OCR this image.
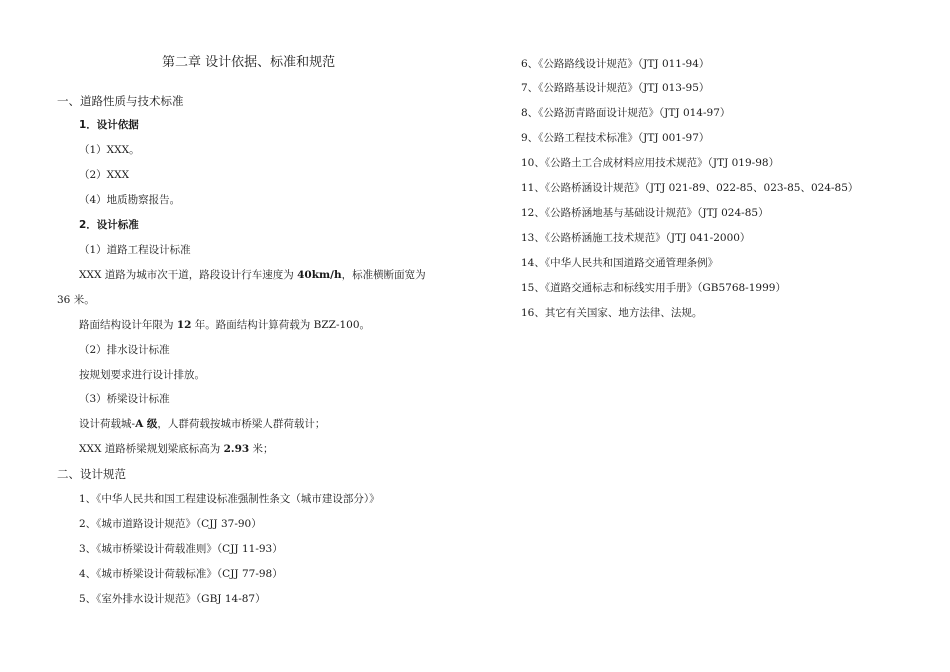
第二章 设计依据、标准和规范
一、道路性质与技术标准
1．设计依据
（1）XXX。
（2）XXX
（4）地质勘察报告。
2．设计标准
（1）道路工程设计标准
XXX 道路为城市次干道，路段设计行车速度为 40km/h，标准横断面宽为
36 米。
路面结构设计年限为 12 年。路面结构计算荷载为 BZZ-100。
（2）排水设计标准
按规划要求进行设计排放。
（3）桥梁设计标准
设计荷载城-A 级，人群荷载按城市桥梁人群荷载计；
XXX 道路桥梁规划梁底标高为 2.93 米；
二、设计规范
1、《中华人民共和国工程建设标准强制性条文（城市建设部分）》
2、《城市道路设计规范》（CJJ 37-90）
3、《城市桥梁设计荷载准则》（CJJ 11-93）
4、《城市桥梁设计荷载标准》（CJJ 77-98）
5、《室外排水设计规范》（GBJ 14-87）
6、《公路路线设计规范》（JTJ 011-94）
7、《公路路基设计规范》（JTJ 013-95）
8、《公路沥青路面设计规范》（JTJ 014-97）
9、《公路工程技术标准》（JTJ 001-97）
10、《公路土工合成材料应用技术规范》（JTJ 019-98）
11、《公路桥涵设计规范》（JTJ 021-89、022-85、023-85、024-85）
12、《公路桥涵地基与基础设计规范》（JTJ 024-85）
13、《公路桥涵施工技术规范》（JTJ 041-2000）
14、《中华人民共和国道路交通管理条例》
15、《道路交通标志和标线实用手册》（GB5768-1999）
16、其它有关国家、地方法律、法规。
